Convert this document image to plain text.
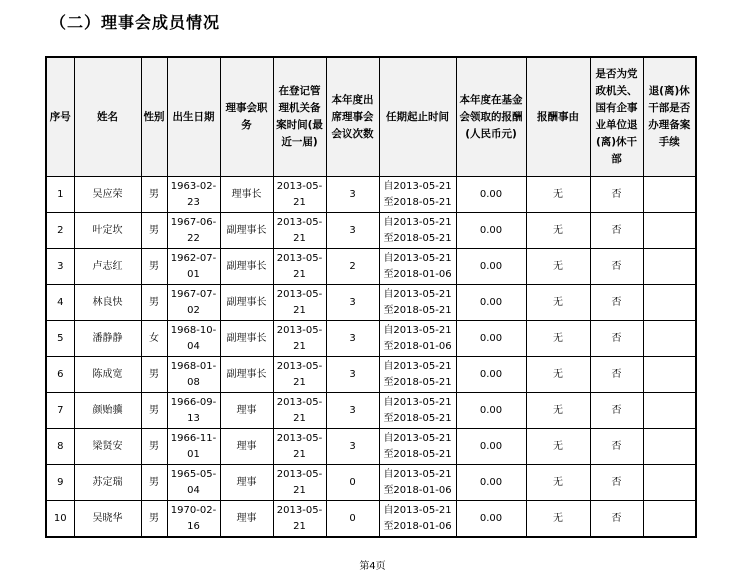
（二）理事会成员情况
序号	姓名	性别	出生日期	理事会职务	在登记管理机关备案时间(最近一届)	本年度出席理事会会议次数	任期起止时间	本年度在基金会领取的报酬(人民币元)	报酬事由	是否为党政机关、国有企事业单位退(离)休干部	退(离)休干部是否办理备案手续

1	吴应荣	男	1963-02-23	理事长	2013-05-21	3	自2013-05-21
至2018-05-21	0.00	无	否	
2	叶定坎	男	1967-06-22	副理事长	2013-05-21	3	自2013-05-21
至2018-05-21	0.00	无	否	
3	卢志红	男	1962-07-01	副理事长	2013-05-21	2	自2013-05-21
至2018-01-06	0.00	无	否	
4	林良快	男	1967-07-02	副理事长	2013-05-21	3	自2013-05-21
至2018-05-21	0.00	无	否	
5	潘静静	女	1968-10-04	副理事长	2013-05-21	3	自2013-05-21
至2018-01-06	0.00	无	否	
6	陈成宽	男	1968-01-08	副理事长	2013-05-21	3	自2013-05-21
至2018-05-21	0.00	无	否	
7	颜贻骥	男	1966-09-13	理事	2013-05-21	3	自2013-05-21
至2018-05-21	0.00	无	否	
8	梁贤安	男	1966-11-01	理事	2013-05-21	3	自2013-05-21
至2018-05-21	0.00	无	否	
9	苏定瑞	男	1965-05-04	理事	2013-05-21	0	自2013-05-21
至2018-01-06	0.00	无	否	
10	吴晓华	男	1970-02-16	理事	2013-05-21	0	自2013-05-21
至2018-01-06	0.00	无	否	
第4页
